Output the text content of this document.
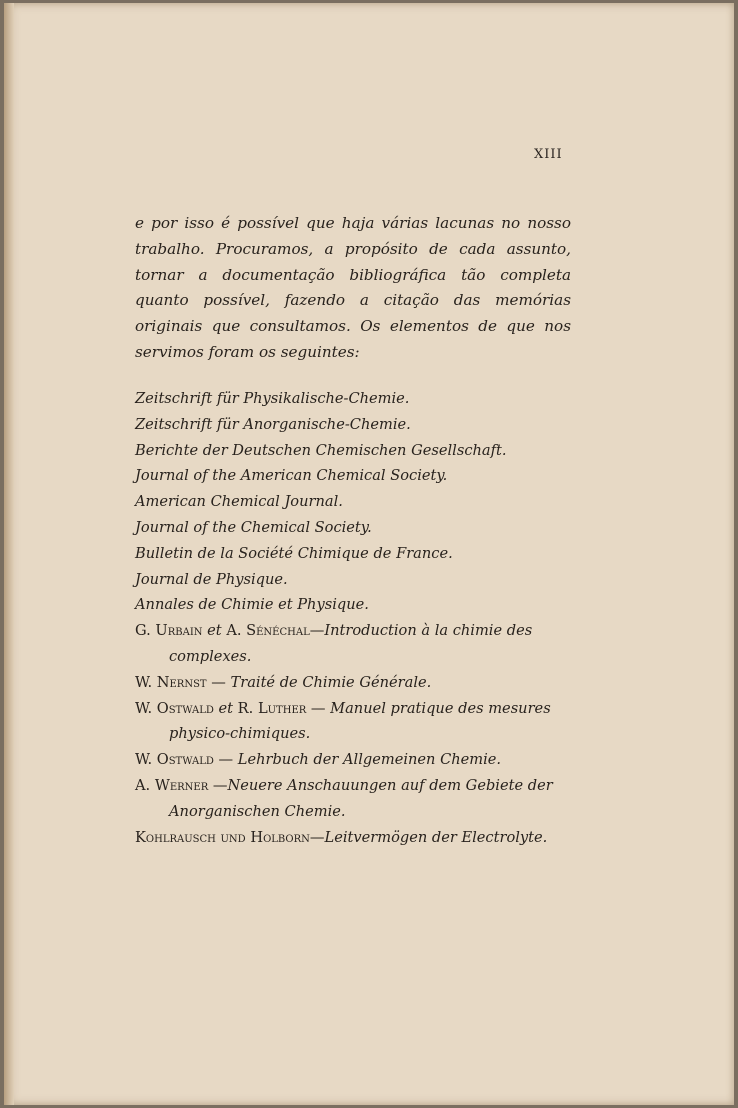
XIII

e por isso é possível que haja várias lacunas no nosso trabalho. Procuramos, a propósito de cada assunto, tornar a documentação bibliográfica tão completa quanto possível, fazendo a citação das memórias originais que consultamos. Os elementos de que nos servimos foram os seguintes:

Zeitschrift für Physikalische-Chemie.

Zeitschrift für Anorganische-Chemie.

Berichte der Deutschen Chemischen Gesellschaft.

Journal of the American Chemical Society.

American Chemical Journal.

Journal of the Chemical Society.

Bulletin de la Société Chimique de France.

Journal de Physique.

Annales de Chimie et Physique.

G. Urbain et A. Sénéchal—Introduction à la chimie des complexes.

W. Nernst — Traité de Chimie Générale.

W. Ostwald et R. Luther — Manuel pratique des mesures physico-chimiques.

W. Ostwald — Lehrbuch der Allgemeinen Chemie.

A. Werner —Neuere Anschauungen auf dem Gebiete der Anorganischen Chemie.

Kohlrausch und Holborn—Leitvermögen der Electrolyte.
